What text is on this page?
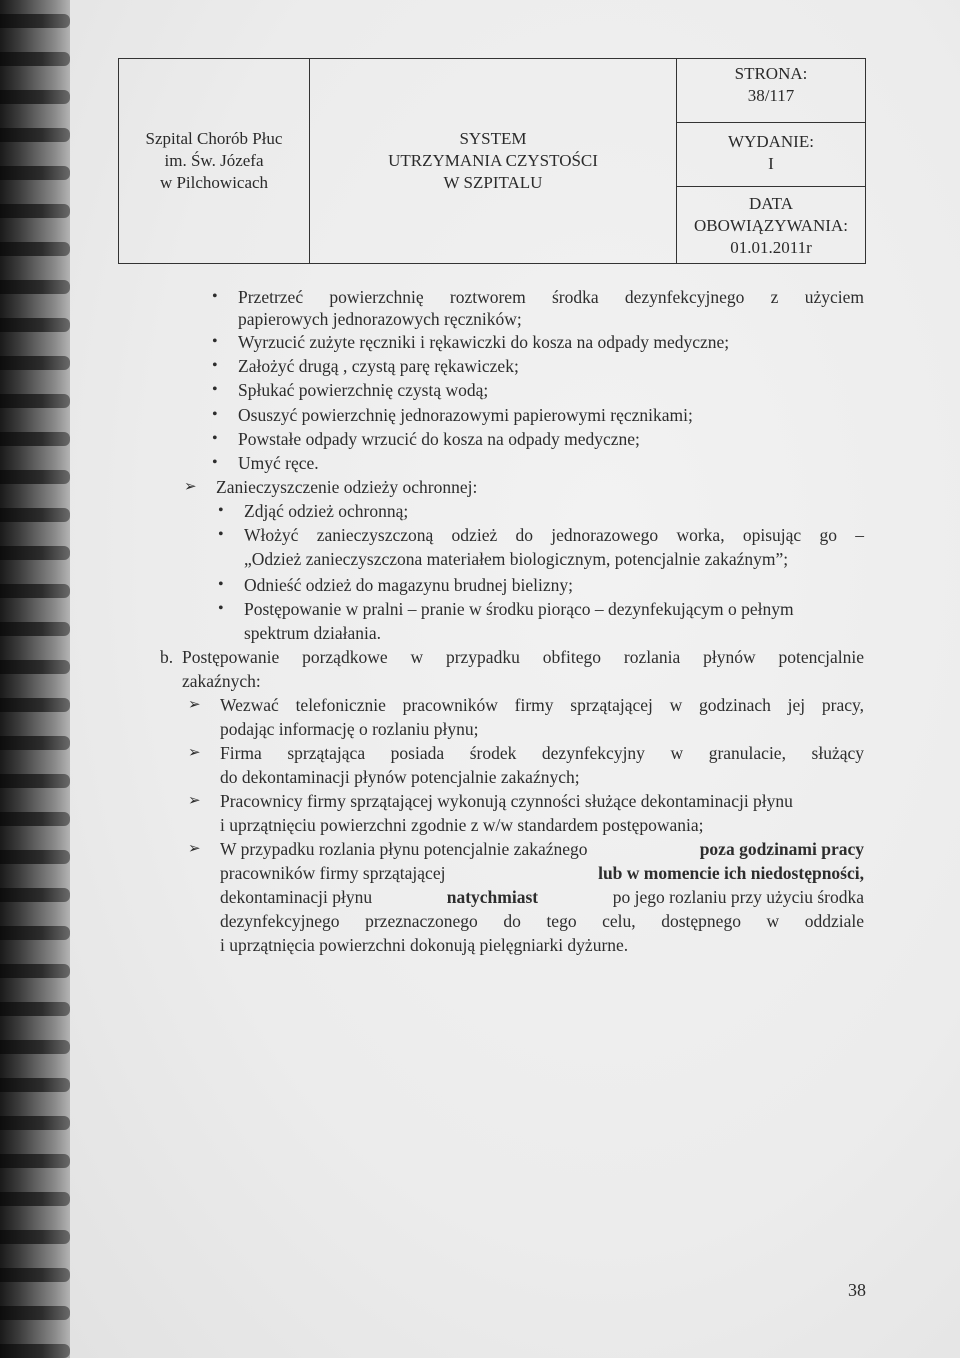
Szpital Chorób Płuc
im. Św. Józefa
w Pilchowicach

SYSTEM
UTRZYMANIA CZYSTOŚCI
W SZPITALU

STRONA:
38/117
WYDANIE:
I
DATA
OBOWIĄZYWANIA:
01.01.2011r
• Przetrzeć powierzchnię roztworem środka dezynfekcyjnego z użyciem
papierowych jednorazowych ręczników;
• Wyrzucić zużyte ręczniki i rękawiczki do kosza na odpady medyczne;
• Założyć drugą , czystą parę rękawiczek;
• Spłukać powierzchnię czystą wodą;
• Osuszyć powierzchnię jednorazowymi papierowymi ręcznikami;
• Powstałe odpady wrzucić do kosza na odpady medyczne;
• Umyć ręce.
➢ Zanieczyszczenie odzieży ochronnej:
• Zdjąć odzież ochronną;
• Włożyć zanieczyszczoną odzież do jednorazowego worka, opisując go –
„Odzież zanieczyszczona materiałem biologicznym, potencjalnie zakaźnym”;
• Odnieść odzież do magazynu brudnej bielizny;
• Postępowanie w pralni – pranie w środku piorąco – dezynfekującym o pełnym
spektrum działania.
b. Postępowanie porządkowe w przypadku obfitego rozlania płynów potencjalnie
zakaźnych:
➢ Wezwać telefonicznie pracowników firmy sprzątającej w godzinach jej pracy,
podając informację o rozlaniu płynu;
➢ Firma sprzątająca posiada środek dezynfekcyjny w granulacie, służący
do dekontaminacji płynów potencjalnie zakaźnych;
➢ Pracownicy firmy sprzątającej wykonują czynności służące dekontaminacji płynu
i uprzątnięciu powierzchni zgodnie z w/w standardem postępowania;
➢ W przypadku rozlania płynu potencjalnie zakaźnego	poza godzinami pracy
pracowników firmy sprzątającej	lub w momencie ich niedostępności,
dekontaminacji płynu	natychmiast	po jego rozlaniu przy użyciu środka
dezynfekcyjnego przeznaczonego do tego celu, dostępnego w oddziale
i uprzątnięcia powierzchni dokonują pielęgniarki dyżurne.
38
